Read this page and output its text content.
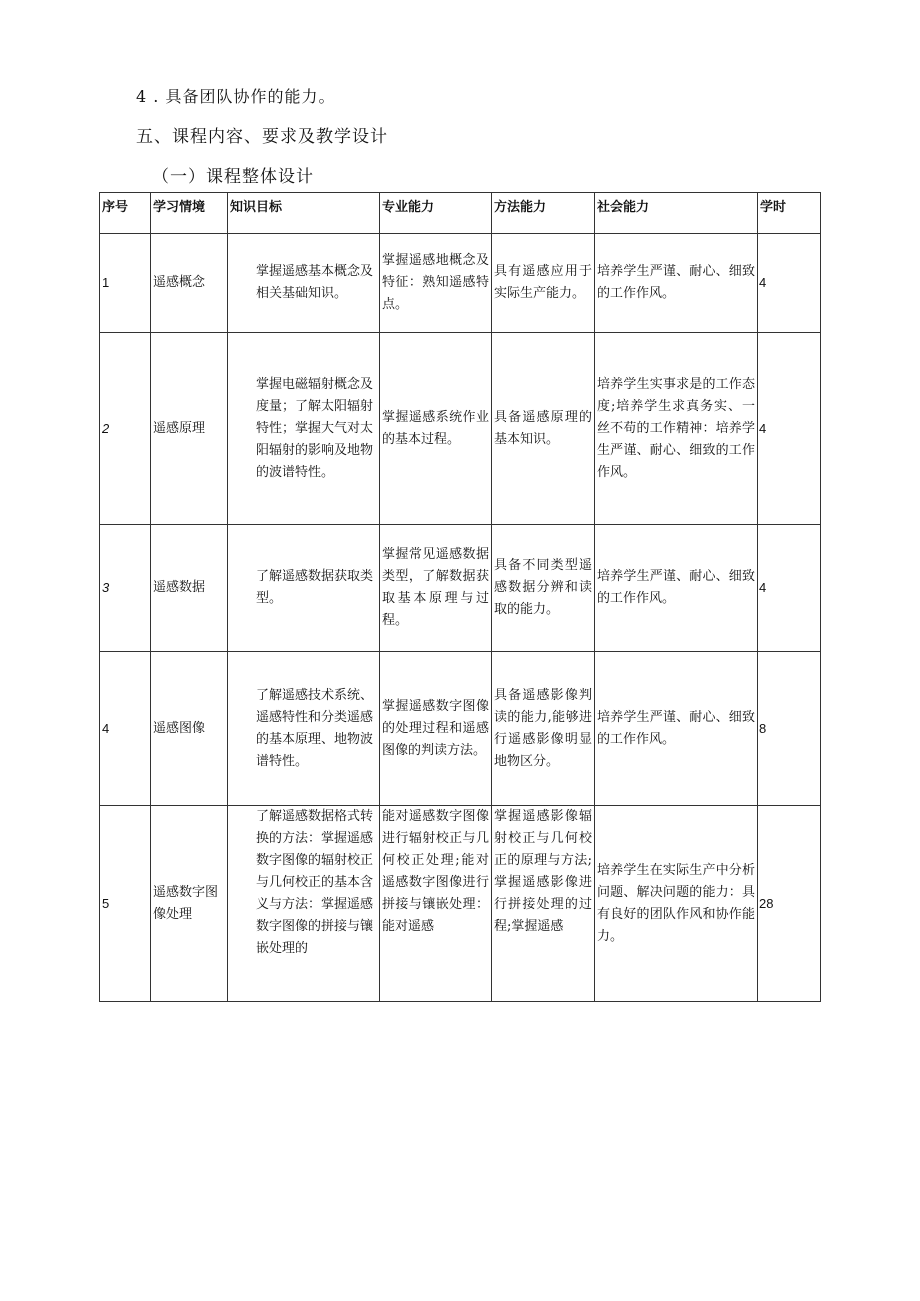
4 . 具备团队协作的能力。
五、课程内容、要求及教学设计
（一）课程整体设计
序号	学习情境	知识目标	专业能力	方法能力	社会能力	学时
1	遥感概念	掌握遥感基本概念及相关基础知识。	掌握遥感地概念及特征：熟知遥感特点。	具有遥感应用于实际生产能力。	培养学生严谨、耐心、细致的工作作风。	4
2	遥感原理	掌握电磁辐射概念及度量；了解太阳辐射特性；掌握大气对太阳辐射的影响及地物的波谱特性。	掌握遥感系统作业的基本过程。	具备遥感原理的基本知识。	培养学生实事求是的工作态度;培养学生求真务实、一丝不苟的工作精神：培养学生严谨、耐心、细致的工作作风。	4
3	遥感数据	了解遥感数据获取类型。	掌握常见遥感数据类型，了解数据获取基本原理与过程。	具备不同类型遥感数据分辨和读取的能力。	培养学生严谨、耐心、细致的工作作风。	4
4	遥感图像	了解遥感技术系统、遥感特性和分类遥感的基本原理、地物波谱特性。	掌握遥感数字图像的处理过程和遥感图像的判读方法。	具备遥感影像判读的能力,能够进行遥感影像明显地物区分。	培养学生严谨、耐心、细致的工作作风。	8
5	遥感数字图像处理	了解遥感数据格式转换的方法：掌握遥感数字图像的辐射校正与几何校正的基本含义与方法：掌握遥感数字图像的拼接与镶嵌处理的	能对遥感数字图像进行辐射校正与几何校正处理;能对遥感数字图像进行拼接与镶嵌处理：能对遥感	掌握遥感影像辐射校正与几何校正的原理与方法;掌握遥感影像进行拼接处理的过程;掌握遥感	培养学生在实际生产中分析问题、解决问题的能力：具有良好的团队作风和协作能力。	28
